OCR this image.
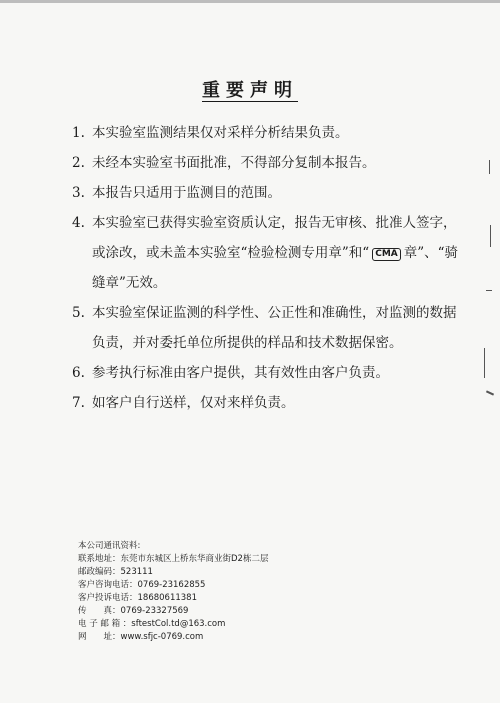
重要声明
1. 本实验室监测结果仅对采样分析结果负责。
2. 未经本实验室书面批准，不得部分复制本报告。
3. 本报告只适用于监测目的范围。
4. 本实验室已获得实验室资质认定，报告无审核、批准人签字，或涂改，或未盖本实验室“检验检测专用章”和“ CMA 章”、“骑缝章”无效。
5. 本实验室保证监测的科学性、公正性和准确性，对监测的数据负责，并对委托单位所提供的样品和技术数据保密。
6. 参考执行标准由客户提供，其有效性由客户负责。
7. 如客户自行送样，仅对来样负责。
本公司通讯资料:
联系地址：东莞市东城区上桥东华商业街D2栋二层
邮政编码：523111
客户咨询电话：0769-23162855
客户投诉电话：18680611381
传　　真：0769-23327569
电 子 邮 箱 ：sftestCol.td@163.com
网　　址：www.sfjc-0769.com
